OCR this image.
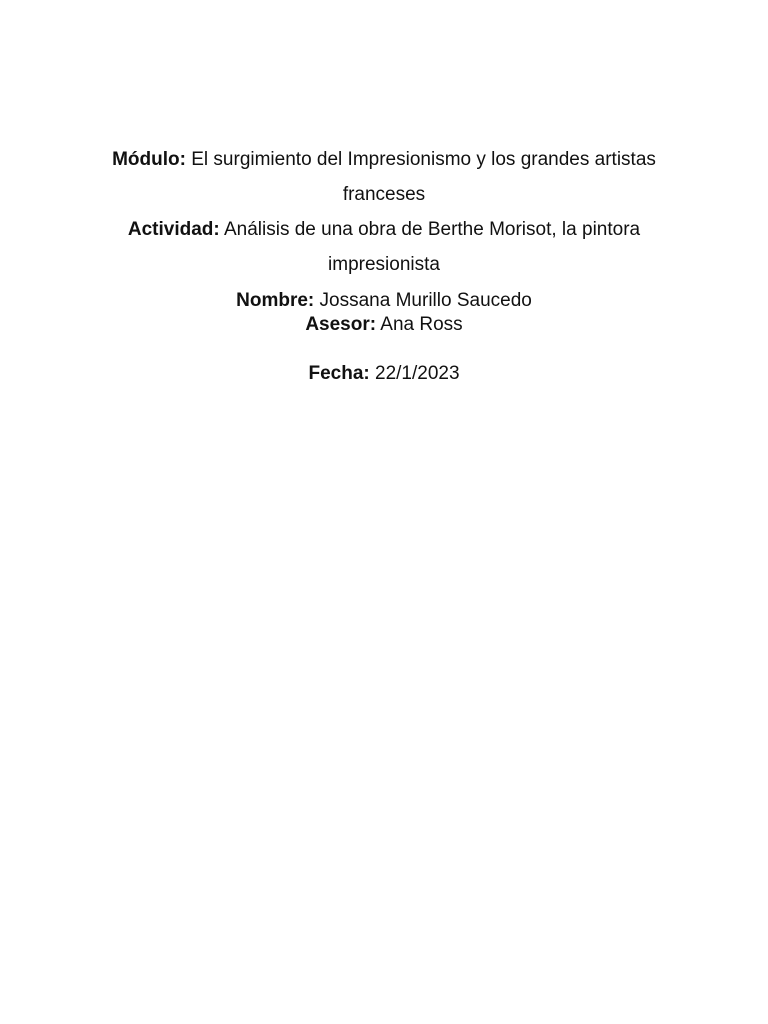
Módulo: El surgimiento del Impresionismo y los grandes artistas franceses
Actividad: Análisis de una obra de Berthe Morisot, la pintora impresionista
Nombre: Jossana Murillo Saucedo
Asesor: Ana Ross
Fecha: 22/1/2023
